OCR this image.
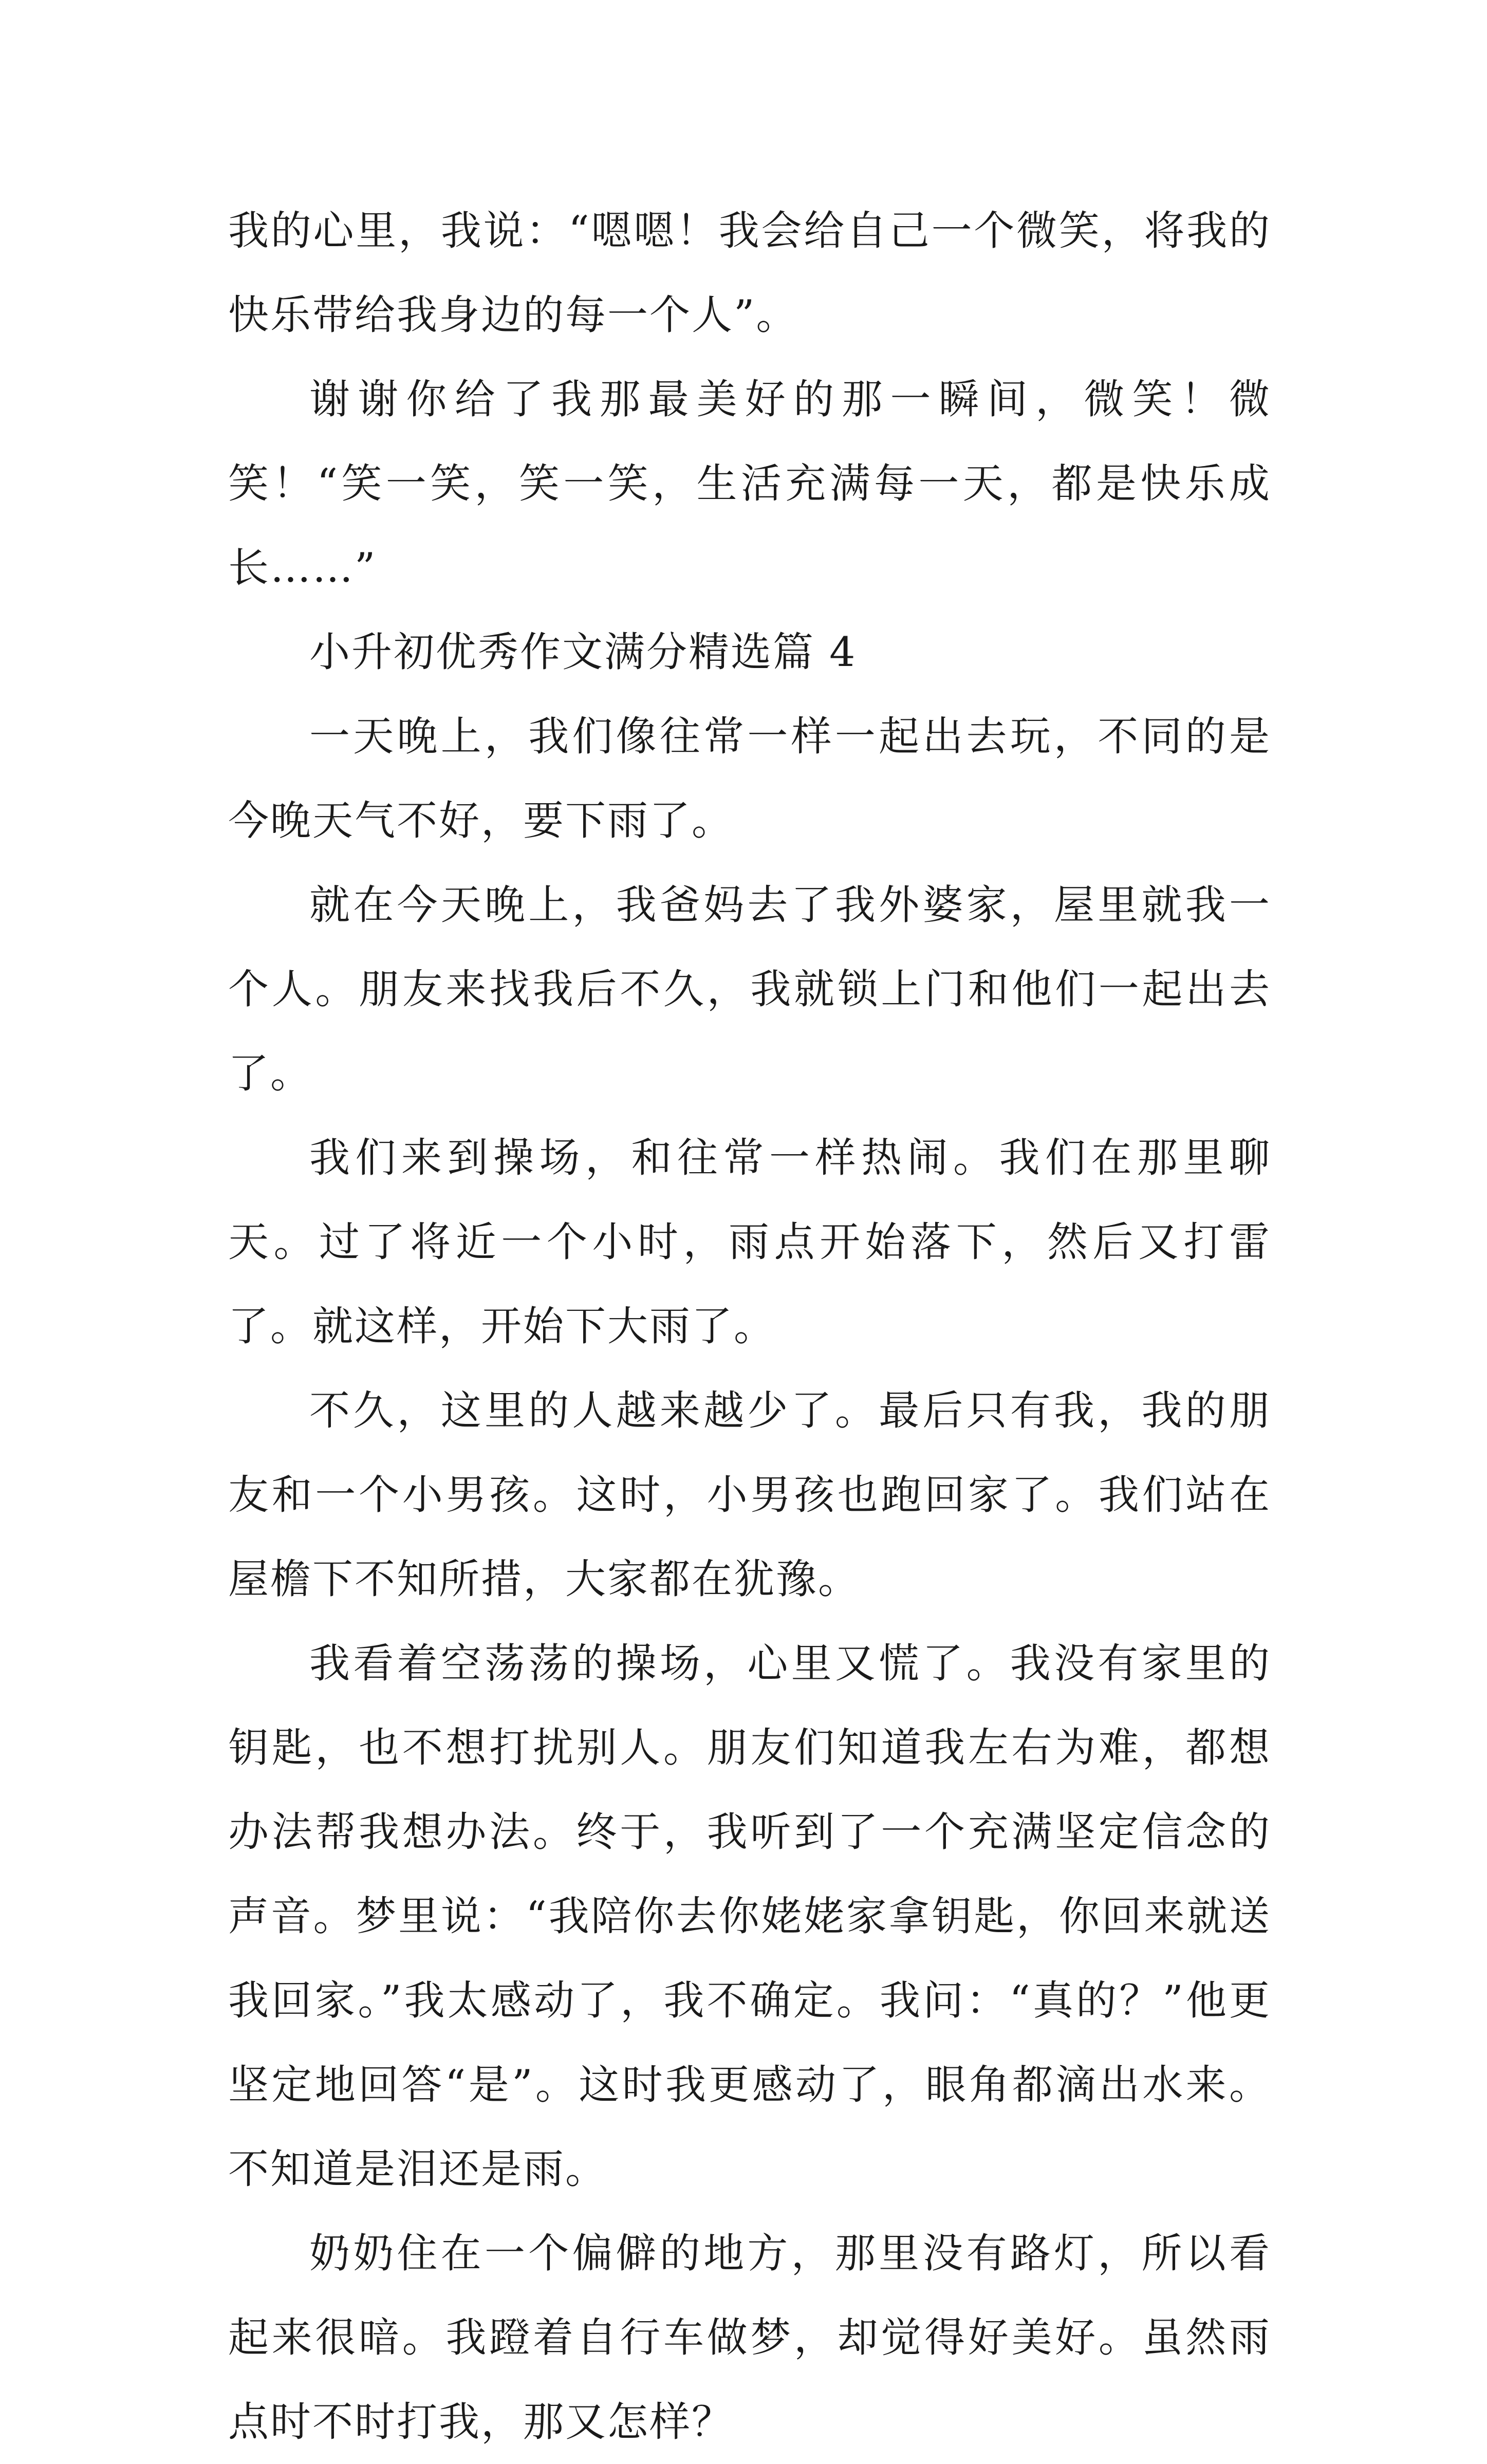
我的心里，我说：“嗯嗯！我会给自己一个微笑，将我的快乐带给我身边的每一个人”。

谢谢你给了我那最美好的那一瞬间，微笑！微笑！“笑一笑，笑一笑，生活充满每一天，都是快乐成长……”

小升初优秀作文满分精选篇 4

一天晚上，我们像往常一样一起出去玩，不同的是今晚天气不好，要下雨了。

就在今天晚上，我爸妈去了我外婆家，屋里就我一个人。朋友来找我后不久，我就锁上门和他们一起出去了。

我们来到操场，和往常一样热闹。我们在那里聊天。过了将近一个小时，雨点开始落下，然后又打雷了。就这样，开始下大雨了。

不久，这里的人越来越少了。最后只有我，我的朋友和一个小男孩。这时，小男孩也跑回家了。我们站在屋檐下不知所措，大家都在犹豫。

我看着空荡荡的操场，心里又慌了。我没有家里的钥匙，也不想打扰别人。朋友们知道我左右为难，都想办法帮我想办法。终于，我听到了一个充满坚定信念的声音。梦里说：“我陪你去你姥姥家拿钥匙，你回来就送我回家。”我太感动了，我不确定。我问：“真的？”他更坚定地回答“是”。这时我更感动了，眼角都滴出水来。不知道是泪还是雨。

奶奶住在一个偏僻的地方，那里没有路灯，所以看起来很暗。我蹬着自行车做梦，却觉得好美好。虽然雨点时不时打我，那又怎样？
